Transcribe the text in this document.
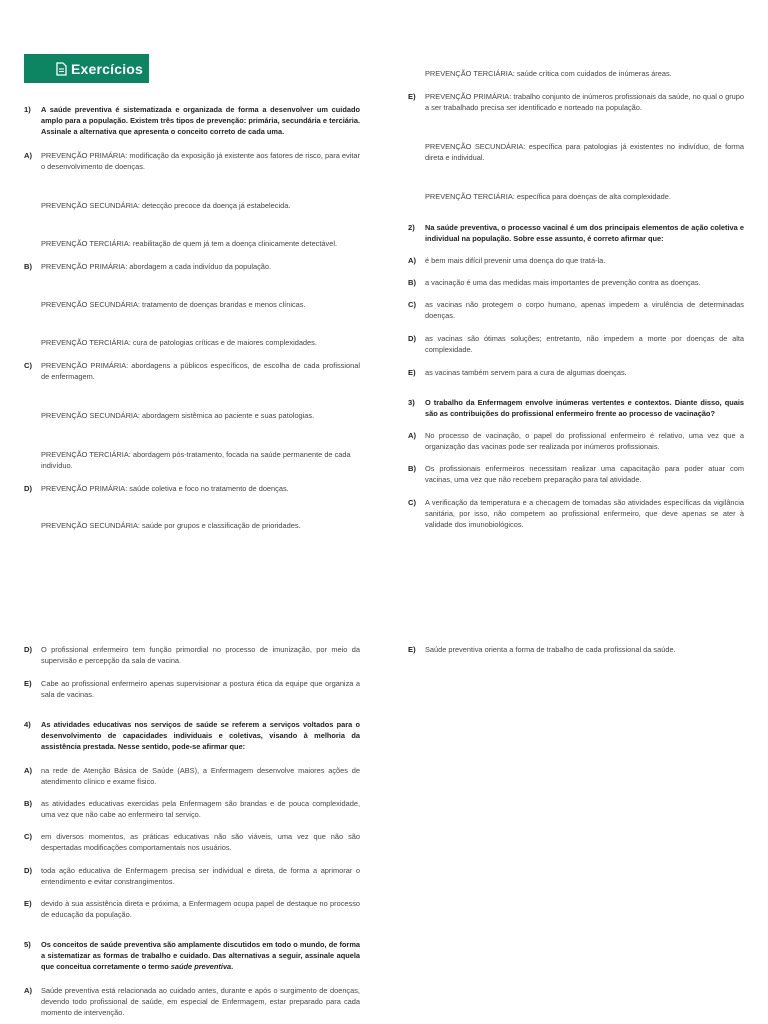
Exercícios
1) A saúde preventiva é sistematizada e organizada de forma a desenvolver um cuidado amplo para a população. Existem três tipos de prevenção: primária, secundária e terciária. Assinale a alternativa que apresenta o conceito correto de cada uma.
A) PREVENÇÃO PRIMÁRIA: modificação da exposição já existente aos fatores de risco, para evitar o desenvolvimento de doenças.
PREVENÇÃO SECUNDÁRIA: detecção precoce da doença já estabelecida.
PREVENÇÃO TERCIÁRIA: reabilitação de quem já tem a doença clinicamente detectável.
B) PREVENÇÃO PRIMÁRIA: abordagem a cada indivíduo da população.
PREVENÇÃO SECUNDÁRIA: tratamento de doenças brandas e menos clínicas.
PREVENÇÃO TERCIÁRIA: cura de patologias críticas e de maiores complexidades.
C) PREVENÇÃO PRIMÁRIA: abordagens a públicos específicos, de escolha de cada profissional de enfermagem.
PREVENÇÃO SECUNDÁRIA: abordagem sistêmica ao paciente e suas patologias.
PREVENÇÃO TERCIÁRIA: abordagem pós-tratamento, focada na saúde permanente de cada indivíduo.
D) PREVENÇÃO PRIMÁRIA: saúde coletiva e foco no tratamento de doenças.
PREVENÇÃO SECUNDÁRIA: saúde por grupos e classificação de prioridades.
PREVENÇÃO TERCIÁRIA: saúde crítica com cuidados de inúmeras áreas.
E) PREVENÇÃO PRIMÁRIA: trabalho conjunto de inúmeros profissionais da saúde, no qual o grupo a ser trabalhado precisa ser identificado e norteado na população.
PREVENÇÃO SECUNDÁRIA: específica para patologias já existentes no indivíduo, de forma direta e individual.
PREVENÇÃO TERCIÁRIA: específica para doenças de alta complexidade.
2) Na saúde preventiva, o processo vacinal é um dos principais elementos de ação coletiva e individual na população. Sobre esse assunto, é correto afirmar que:
A) é bem mais difícil prevenir uma doença do que tratá-la.
B) a vacinação é uma das medidas mais importantes de prevenção contra as doenças.
C) as vacinas não protegem o corpo humano, apenas impedem a virulência de determinadas doenças.
D) as vacinas são ótimas soluções; entretanto, não impedem a morte por doenças de alta complexidade.
E) as vacinas também servem para a cura de algumas doenças.
3) O trabalho da Enfermagem envolve inúmeras vertentes e contextos. Diante disso, quais são as contribuições do profissional enfermeiro frente ao processo de vacinação?
A) No processo de vacinação, o papel do profissional enfermeiro é relativo, uma vez que a organização das vacinas pode ser realizada por inúmeros profissionais.
B) Os profissionais enfermeiros necessitam realizar uma capacitação para poder atuar com vacinas, uma vez que não recebem preparação para tal atividade.
C) A verificação da temperatura e a checagem de tomadas são atividades específicas da vigilância sanitária, por isso, não competem ao profissional enfermeiro, que deve apenas se ater à validade dos imunobiológicos.
D) O profissional enfermeiro tem função primordial no processo de imunização, por meio da supervisão e percepção da sala de vacina.
E) Cabe ao profissional enfermeiro apenas supervisionar a postura ética da equipe que organiza a sala de vacinas.
4) As atividades educativas nos serviços de saúde se referem a serviços voltados para o desenvolvimento de capacidades individuais e coletivas, visando à melhoria da assistência prestada. Nesse sentido, pode-se afirmar que:
A) na rede de Atenção Básica de Saúde (ABS), a Enfermagem desenvolve maiores ações de atendimento clínico e exame físico.
B) as atividades educativas exercidas pela Enfermagem são brandas e de pouca complexidade, uma vez que não cabe ao enfermeiro tal serviço.
C) em diversos momentos, as práticas educativas não são viáveis, uma vez que não são despertadas modificações comportamentais nos usuários.
D) toda ação educativa de Enfermagem precisa ser individual e direta, de forma a aprimorar o entendimento e evitar constrangimentos.
E) devido à sua assistência direta e próxima, a Enfermagem ocupa papel de destaque no processo de educação da população.
5) Os conceitos de saúde preventiva são amplamente discutidos em todo o mundo, de forma a sistematizar as formas de trabalho e cuidado. Das alternativas a seguir, assinale aquela que conceitua corretamente o termo saúde preventiva.
A) Saúde preventiva está relacionada ao cuidado antes, durante e após o surgimento de doenças, devendo todo profissional de saúde, em especial de Enfermagem, estar preparado para cada momento de intervenção.
E) Saúde preventiva orienta a forma de trabalho de cada profissional da saúde.
